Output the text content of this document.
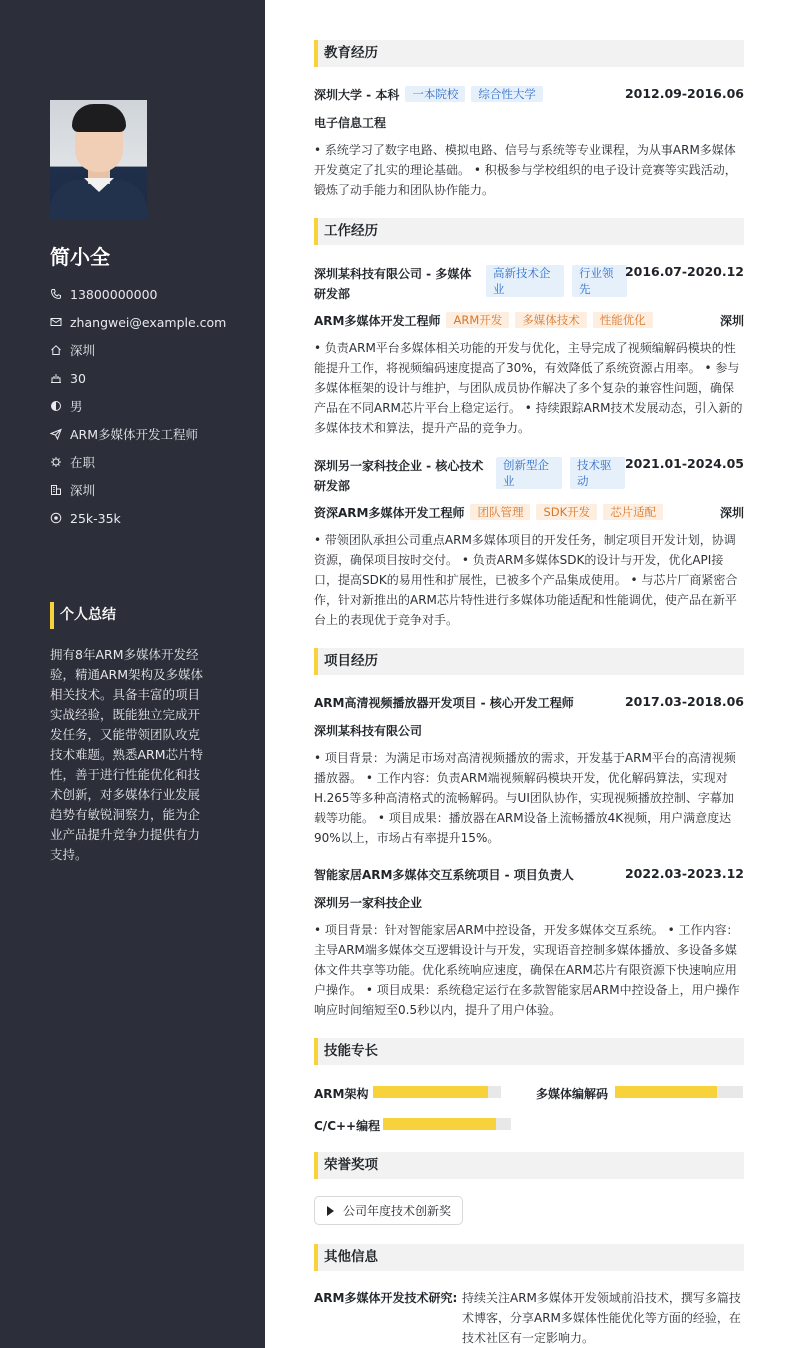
简小全
13800000000
zhangwei@example.com
深圳
30
男
ARM多媒体开发工程师
在职
深圳
25k-35k
个人总结
拥有8年ARM多媒体开发经验，精通ARM架构及多媒体相关技术。具备丰富的项目实战经验，既能独立完成开发任务，又能带领团队攻克技术难题。熟悉ARM芯片特性，善于进行性能优化和技术创新，对多媒体行业发展趋势有敏锐洞察力，能为企业产品提升竞争力提供有力支持。
教育经历
深圳大学 - 本科 一本院校 综合性大学	2012.09-2016.06
电子信息工程
• 系统学习了数字电路、模拟电路、信号与系统等专业课程，为从事ARM多媒体开发奠定了扎实的理论基础。 • 积极参与学校组织的电子设计竞赛等实践活动，锻炼了动手能力和团队协作能力。
工作经历
深圳某科技有限公司 - 多媒体研发部
高新技术企业
行业领先
2016.07-2020.12
ARM多媒体开发工程师 ARM开发 多媒体技术 性能优化	深圳
• 负责ARM平台多媒体相关功能的开发与优化，主导完成了视频编解码模块的性能提升工作，将视频编码速度提高了30%，有效降低了系统资源占用率。 • 参与多媒体框架的设计与维护，与团队成员协作解决了多个复杂的兼容性问题，确保产品在不同ARM芯片平台上稳定运行。 • 持续跟踪ARM技术发展动态，引入新的多媒体技术和算法，提升产品的竞争力。
深圳另一家科技企业 - 核心技术研发部
创新型企业
技术驱动
2021.01-2024.05
资深ARM多媒体开发工程师 团队管理 SDK开发 芯片适配	深圳
• 带领团队承担公司重点ARM多媒体项目的开发任务，制定项目开发计划，协调资源，确保项目按时交付。 • 负责ARM多媒体SDK的设计与开发，优化API接口，提高SDK的易用性和扩展性，已被多个产品集成使用。 • 与芯片厂商紧密合作，针对新推出的ARM芯片特性进行多媒体功能适配和性能调优，使产品在新平台上的表现优于竞争对手。
项目经历
ARM高清视频播放器开发项目 - 核心开发工程师	2017.03-2018.06
深圳某科技有限公司
• 项目背景：为满足市场对高清视频播放的需求，开发基于ARM平台的高清视频播放器。 • 工作内容：负责ARM端视频解码模块开发，优化解码算法，实现对H.265等多种高清格式的流畅解码。与UI团队协作，实现视频播放控制、字幕加载等功能。 • 项目成果：播放器在ARM设备上流畅播放4K视频，用户满意度达90%以上，市场占有率提升15%。
智能家居ARM多媒体交互系统项目 - 项目负责人	2022.03-2023.12
深圳另一家科技企业
• 项目背景：针对智能家居ARM中控设备，开发多媒体交互系统。 • 工作内容：主导ARM端多媒体交互逻辑设计与开发，实现语音控制多媒体播放、多设备多媒体文件共享等功能。优化系统响应速度，确保在ARM芯片有限资源下快速响应用户操作。 • 项目成果：系统稳定运行在多款智能家居ARM中控设备上，用户操作响应时间缩短至0.5秒以内，提升了用户体验。
技能专长
ARM架构	多媒体编解码
C/C++编程
荣誉奖项
公司年度技术创新奖
其他信息
ARM多媒体开发技术研究: 持续关注ARM多媒体开发领域前沿技术，撰写多篇技术博客，分享ARM多媒体性能优化等方面的经验，在技术社区有一定影响力。
